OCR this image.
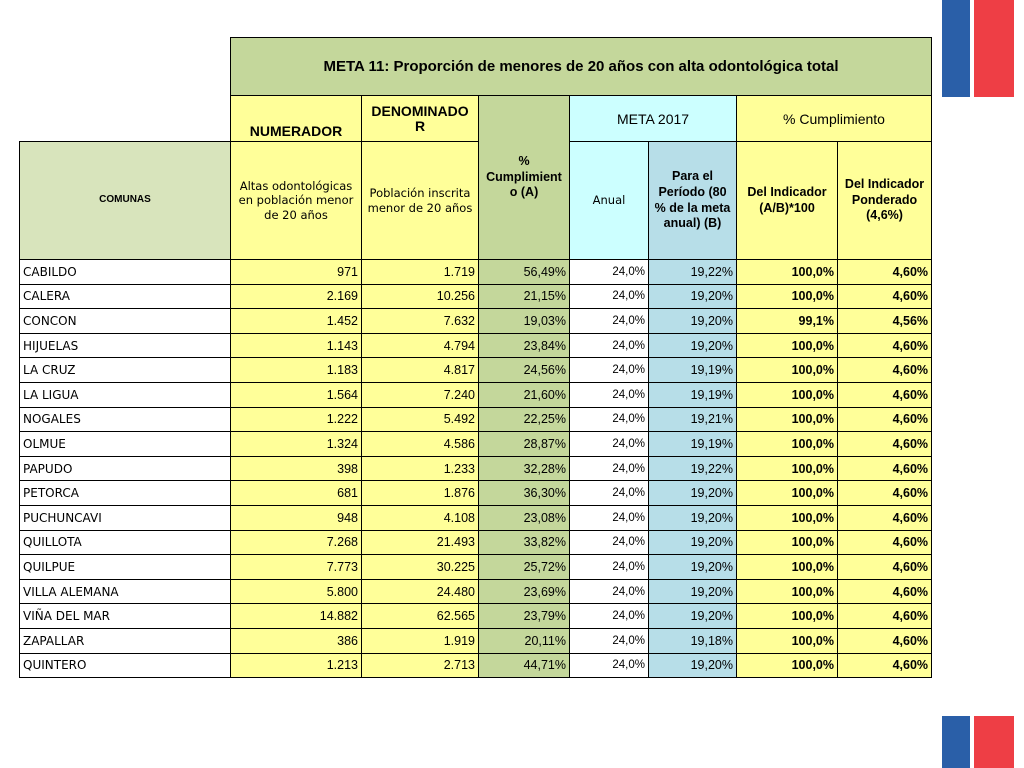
	META 11: Proporción de menores de 20 años con alta odontológica total						
	NUMERADOR	DENOMINADO R	% Cumplimient o (A)	META 2017		% Cumplimiento	
COMUNAS	Altas odontológicas en población menor de 20 años	Población inscrita menor de 20 años		Anual	Para el Período (80 % de la meta anual) (B)	Del Indicador (A/B)*100	Del Indicador Ponderado (4,6%)
CABILDO	971	1.719	56,49%	24,0%	19,22%	100,0%	4,60%
CALERA	2.169	10.256	21,15%	24,0%	19,20%	100,0%	4,60%
CONCON	1.452	7.632	19,03%	24,0%	19,20%	99,1%	4,56%
HIJUELAS	1.143	4.794	23,84%	24,0%	19,20%	100,0%	4,60%
LA CRUZ	1.183	4.817	24,56%	24,0%	19,19%	100,0%	4,60%
LA LIGUA	1.564	7.240	21,60%	24,0%	19,19%	100,0%	4,60%
NOGALES	1.222	5.492	22,25%	24,0%	19,21%	100,0%	4,60%
OLMUE	1.324	4.586	28,87%	24,0%	19,19%	100,0%	4,60%
PAPUDO	398	1.233	32,28%	24,0%	19,22%	100,0%	4,60%
PETORCA	681	1.876	36,30%	24,0%	19,20%	100,0%	4,60%
PUCHUNCAVI	948	4.108	23,08%	24,0%	19,20%	100,0%	4,60%
QUILLOTA	7.268	21.493	33,82%	24,0%	19,20%	100,0%	4,60%
QUILPUE	7.773	30.225	25,72%	24,0%	19,20%	100,0%	4,60%
VILLA ALEMANA	5.800	24.480	23,69%	24,0%	19,20%	100,0%	4,60%
VIÑA DEL MAR	14.882	62.565	23,79%	24,0%	19,20%	100,0%	4,60%
ZAPALLAR	386	1.919	20,11%	24,0%	19,18%	100,0%	4,60%
QUINTERO	1.213	2.713	44,71%	24,0%	19,20%	100,0%	4,60%
